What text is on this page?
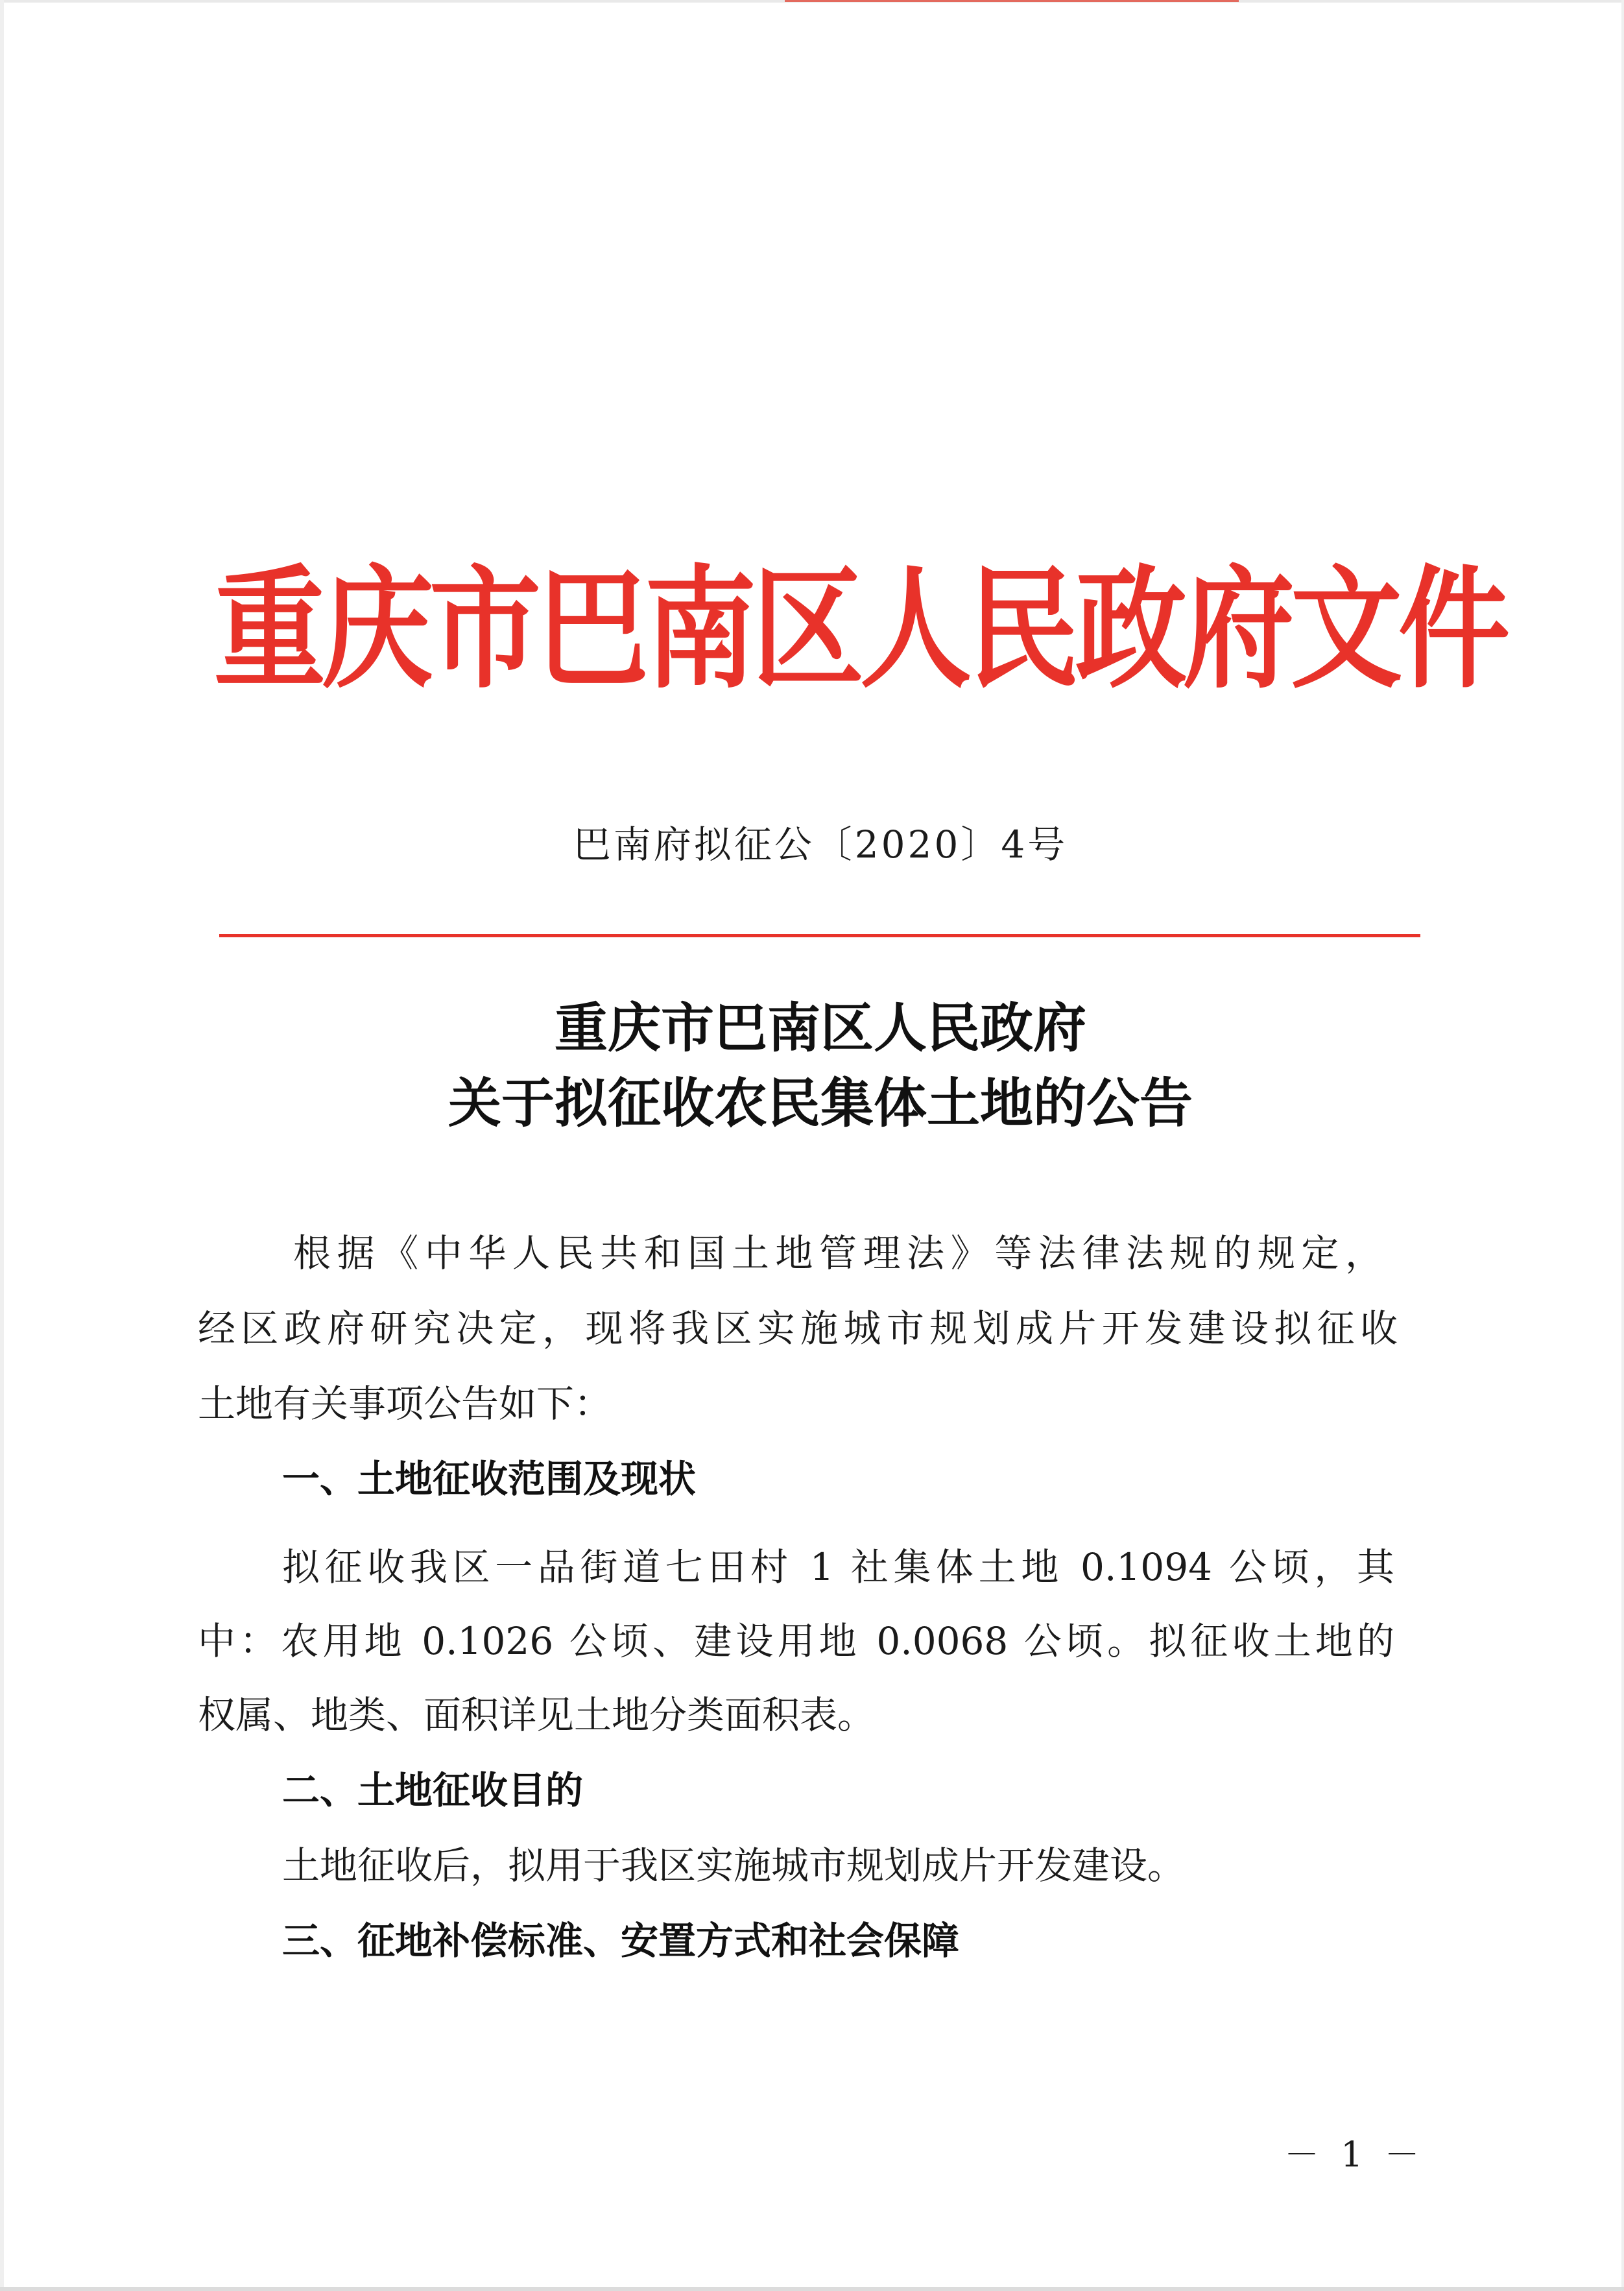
重庆市巴南区人民政府文件
巴南府拟征公〔2020〕4号
重庆市巴南区人民政府
关于拟征收农民集体土地的公告
根据《中华人民共和国土地管理法》等法律法规的规定，
经区政府研究决定，现将我区实施城市规划成片开发建设拟征收
土地有关事项公告如下：
一、土地征收范围及现状
拟征收我区一品街道七田村 1 社集体土地 0.1094 公顷，其
中：农用地 0.1026 公顷、建设用地 0.0068 公顷。拟征收土地的
权属、地类、面积详见土地分类面积表。
二、土地征收目的
土地征收后，拟用于我区实施城市规划成片开发建设。
三、征地补偿标准、安置方式和社会保障
－ 1 －
